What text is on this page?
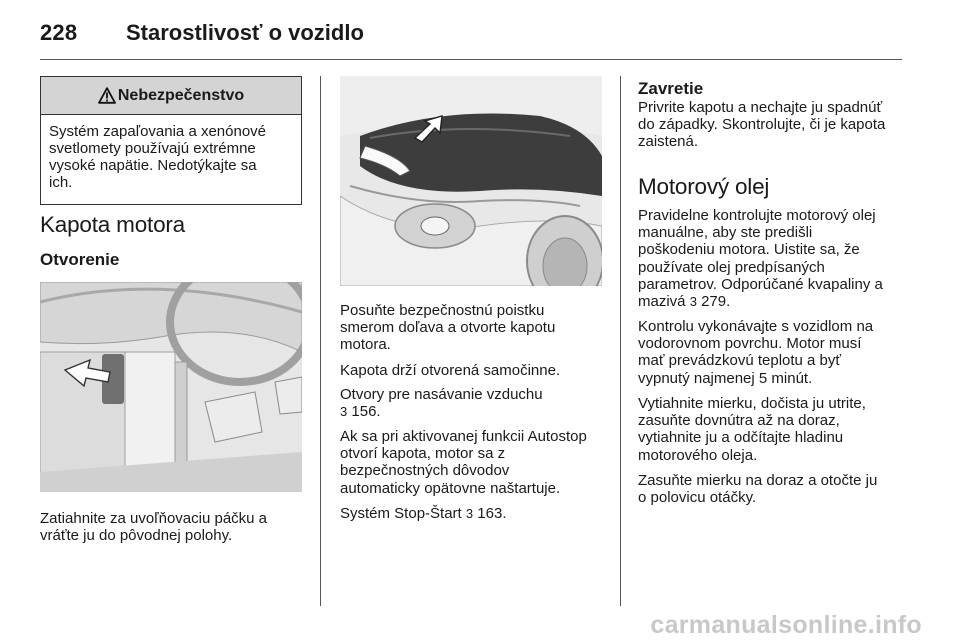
228 Starostlivosť o vozidlo
Nebezpečenstvo
Systém zapaľovania a xenónové
svetlomety používajú extrémne
vysoké napätie. Nedotýkajte sa
ich.
Kapota motora
Otvorenie
Zatiahnite za uvoľňovaciu páčku a
vráťte ju do pôvodnej polohy.
Posuňte bezpečnostnú poistku
smerom doľava a otvorte kapotu
motora.
Kapota drží otvorená samočinne.
Otvory pre nasávanie vzduchu
3 156.
Ak sa pri aktivovanej funkcii Autostop
otvorí kapota, motor sa z
bezpečnostných dôvodov
automaticky opätovne naštartuje.
Systém Stop-Štart 3 163.
Zavretie
Privrite kapotu a nechajte ju spadnúť
do západky. Skontrolujte, či je kapota
zaistená.
Motorový olej
Pravidelne kontrolujte motorový olej
manuálne, aby ste predišli
poškodeniu motora. Uistite sa, že
používate olej predpísaných
parametrov. Odporúčané kvapaliny a
mazivá 3 279.
Kontrolu vykonávajte s vozidlom na
vodorovnom povrchu. Motor musí
mať prevádzkovú teplotu a byť
vypnutý najmenej 5 minút.
Vytiahnite mierku, dočista ju utrite,
zasuňte dovnútra až na doraz,
vytiahnite ju a odčítajte hladinu
motorového oleja.
Zasuňte mierku na doraz a otočte ju
o polovicu otáčky.
carmanualsonline.info
